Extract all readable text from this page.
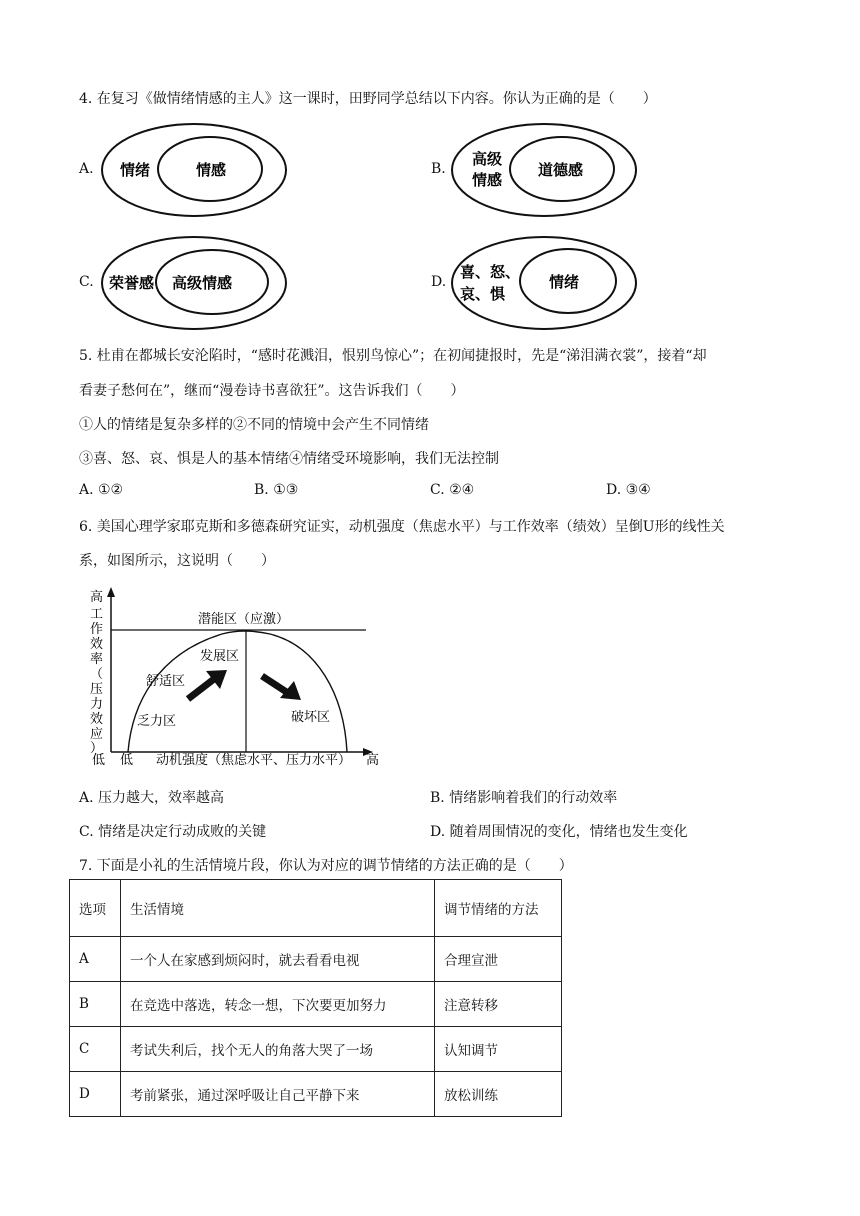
4. 在复习《做情绪情感的主人》这一课时，田野同学总结以下内容。你认为正确的是（　　）
A. 情绪	情感	B.
高级
情感
道德感
C. 荣誉感 高级情感	D.
喜、怒、
哀、惧
情绪
5. 杜甫在都城长安沦陷时，“感时花溅泪，恨别鸟惊心”；在初闻捷报时，先是“涕泪满衣裳”，接着“却
看妻子愁何在”，继而“漫卷诗书喜欲狂”。这告诉我们（　　）
①人的情绪是复杂多样的②不同的情境中会产生不同情绪
③喜、怒、哀、惧是人的基本情绪④情绪受环境影响，我们无法控制
A. ①②	B. ①③	C. ②④	D. ③④
6. 美国心理学家耶克斯和多德森研究证实，动机强度（焦虑水平）与工作效率（绩效）呈倒U形的线性关
系，如图所示，这说明（　　）
高
工
作
效
率
（
压
力
效
应
）
低 低 动机强度（焦虑水平、压力水平） 高
潜能区（应激）
乏力区
舒适区
发展区
破坏区
A. 压力越大，效率越高	B. 情绪影响着我们的行动效率
C. 情绪是决定行动成败的关键	D. 随着周围情况的变化，情绪也发生变化
7. 下面是小礼的生活情境片段，你认为对应的调节情绪的方法正确的是（　　）
选项	生活情境	调节情绪的方法
A	一个人在家感到烦闷时，就去看看电视	合理宣泄
B	在竞选中落选，转念一想，下次要更加努力	注意转移
C	考试失利后，找个无人的角落大哭了一场	认知调节
D	考前紧张，通过深呼吸让自己平静下来	放松训练
